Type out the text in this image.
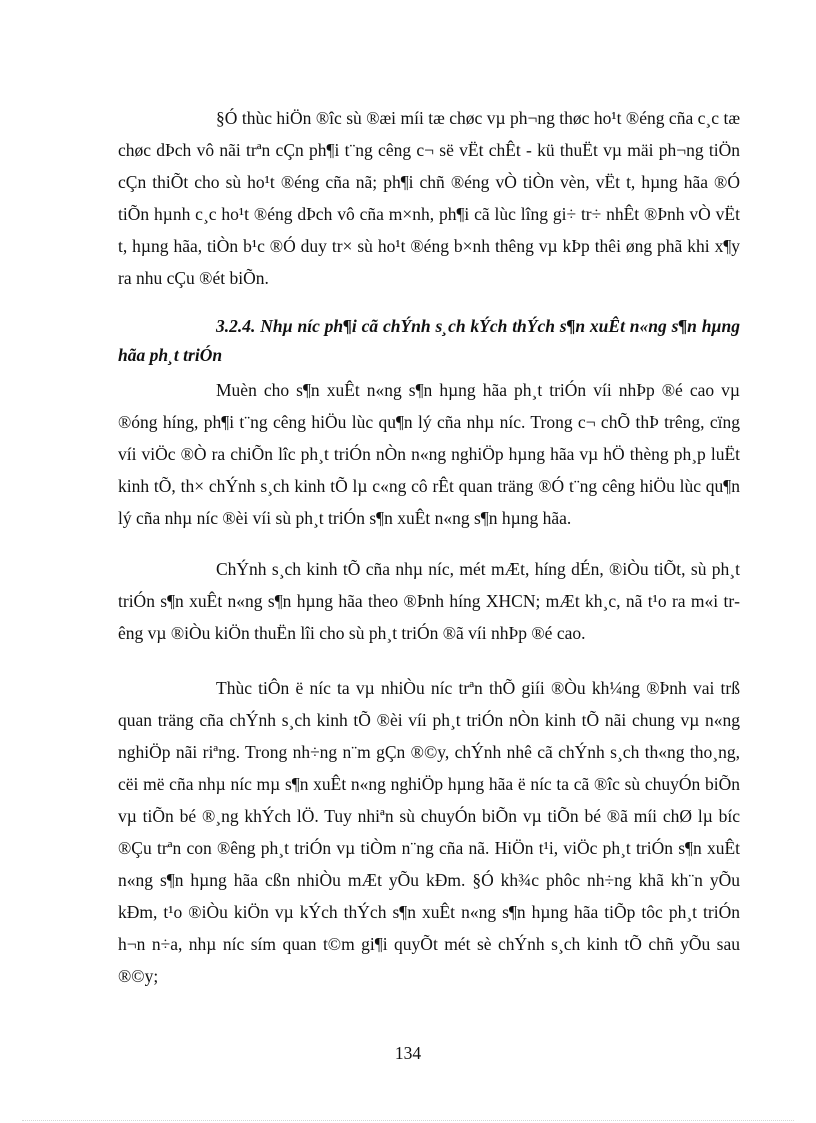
§Ó thùc hiÖn ®îc sù ®æi míi tæ chøc vµ ph¬ng thøc ho¹t ®éng cña c¸c tæ chøc dÞch vô nãi trªn cÇn ph¶i t¨ng cêng c¬ së vËt chÊt - kü thuËt vµ mäi ph¬ng tiÖn cÇn thiÕt cho sù ho¹t ®éng cña nã; ph¶i chñ ®éng vÒ tiÒn vèn, vËt t, hµng hãa ®Ó tiÕn hµnh c¸c ho¹t ®éng dÞch vô cña m×nh, ph¶i cã lùc lîng gi÷ tr÷ nhÊt ®Þnh vÒ vËt t, hµng hãa, tiÒn b¹c ®Ó duy tr× sù ho¹t ®éng b×nh thêng vµ kÞp thêi øng phã khi x¶y ra nhu cÇu ®ét biÕn.

3.2.4. Nhµ níc ph¶i cã chÝnh s¸ch kÝch thÝch s¶n xuÊt n«ng s¶n hµng hãa ph¸t triÓn

Muèn cho s¶n xuÊt n«ng s¶n hµng hãa ph¸t triÓn víi nhÞp ®é cao vµ ®óng híng, ph¶i t¨ng cêng hiÖu lùc qu¶n lý cña nhµ níc. Trong c¬ chÕ thÞ trêng, cïng víi viÖc ®Ò ra chiÕn lîc ph¸t triÓn nÒn n«ng nghiÖp hµng hãa vµ hÖ thèng ph¸p luËt kinh tÕ, th× chÝnh s¸ch kinh tÕ lµ c«ng cô rÊt quan träng ®Ó t¨ng cêng hiÖu lùc qu¶n lý cña nhµ níc ®èi víi sù ph¸t triÓn s¶n xuÊt n«ng s¶n hµng hãa.

ChÝnh s¸ch kinh tÕ cña nhµ níc, mét mÆt, híng dÉn, ®iÒu tiÕt, sù ph¸t triÓn s¶n xuÊt n«ng s¶n hµng hãa theo ®Þnh híng XHCN; mÆt kh¸c, nã t¹o ra m«i trêng vµ ®iÒu kiÖn thuËn lîi cho sù ph¸t triÓn ®ã víi nhÞp ®é cao.

Thùc tiÔn ë níc ta vµ nhiÒu níc trªn thÕ giíi ®Òu kh¼ng ®Þnh vai trß quan träng cña chÝnh s¸ch kinh tÕ ®èi víi ph¸t triÓn nÒn kinh tÕ nãi chung vµ n«ng nghiÖp nãi riªng. Trong nh÷ng n¨m gÇn ®©y, chÝnh nhê cã chÝnh s¸ch th«ng tho¸ng, cëi më cña nhµ níc mµ s¶n xuÊt n«ng nghiÖp hµng hãa ë níc ta cã ®îc sù chuyÓn biÕn vµ tiÕn bé ®¸ng khÝch lÖ. Tuy nhiªn sù chuyÓn biÕn vµ tiÕn bé ®ã míi chØ lµ bíc ®Çu trªn con ®êng ph¸t triÓn vµ tiÒm n¨ng cña nã. HiÖn t¹i, viÖc ph¸t triÓn s¶n xuÊt n«ng s¶n hµng hãa cßn nhiÒu mÆt yÕu kÐm. §Ó kh¾c phôc nh÷ng khã kh¨n yÕu kÐm, t¹o ®iÒu kiÖn vµ kÝch thÝch s¶n xuÊt n«ng s¶n hµng hãa tiÕp tôc ph¸t triÓn h¬n n÷a, nhµ níc sím quan t©m gi¶i quyÕt mét sè chÝnh s¸ch kinh tÕ chñ yÕu sau ®©y;

134
